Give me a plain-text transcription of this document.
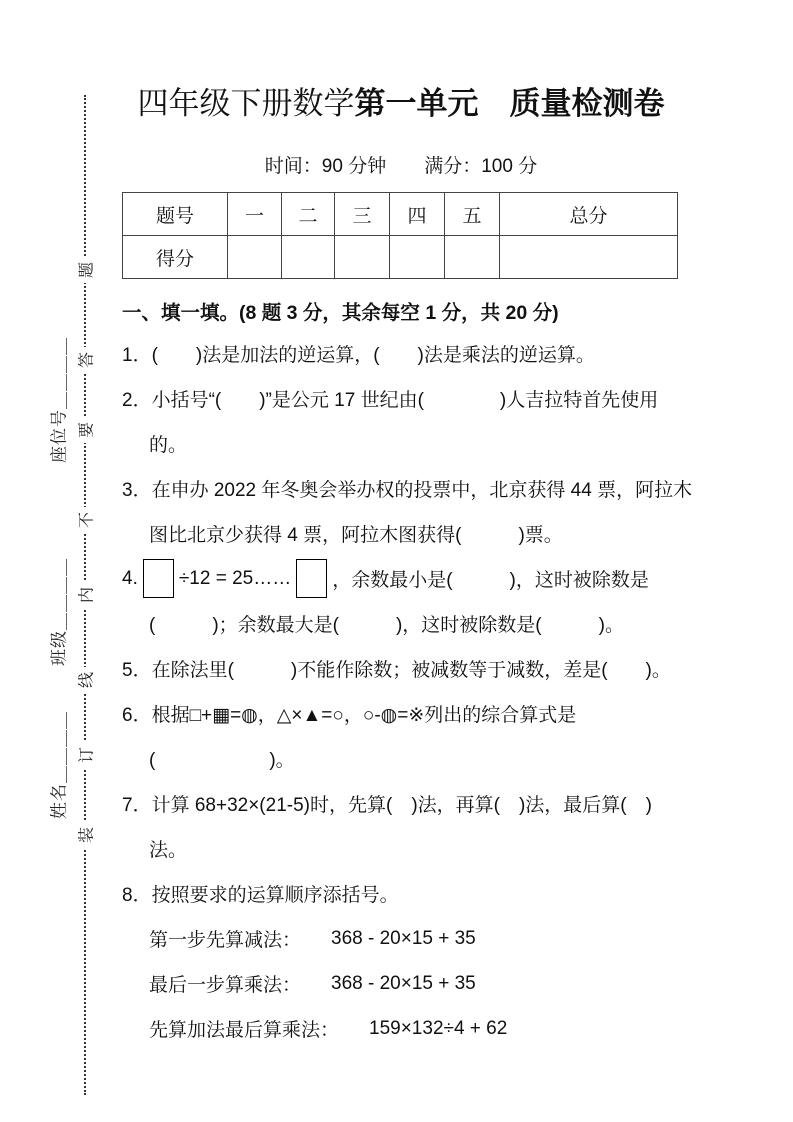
座位号＿＿＿＿
班级＿＿＿＿
姓名＿＿＿＿
题
答
要
不
内
线
订
装
四年级下册数学第一单元　质量检测卷
时间：90 分钟　　满分：100 分
题号	一	二	三	四	五	总分
得分						
一、填一填。(8 题 3 分，其余每空 1 分，共 20 分)
1．(　　)法是加法的逆运算，(　　)法是乘法的逆运算。
2．小括号“(　　)”是公元 17 世纪由(　　　　)人吉拉特首先使用
的。
3．在申办 2022 年冬奥会举办权的投票中，北京获得 44 票，阿拉木
图比北京少获得 4 票，阿拉木图获得(　　　)票。
4. ÷12 = 25…… ，余数最小是(　　　)，这时被除数是
(　　　)；余数最大是(　　　)，这时被除数是(　　　)。
5．在除法里(　　　)不能作除数；被减数等于减数，差是(　　)。
6．根据□+▦=◍，△×▲=○，○-◍=※列出的综合算式是
(　　　　　　)。
7．计算 68+32×(21-5)时，先算(　)法，再算(　)法，最后算(　)
法。
8．按照要求的运算顺序添括号。
第一步先算减法： 368 - 20×15 + 35
最后一步算乘法： 368 - 20×15 + 35
先算加法最后算乘法： 159×132÷4 + 62
